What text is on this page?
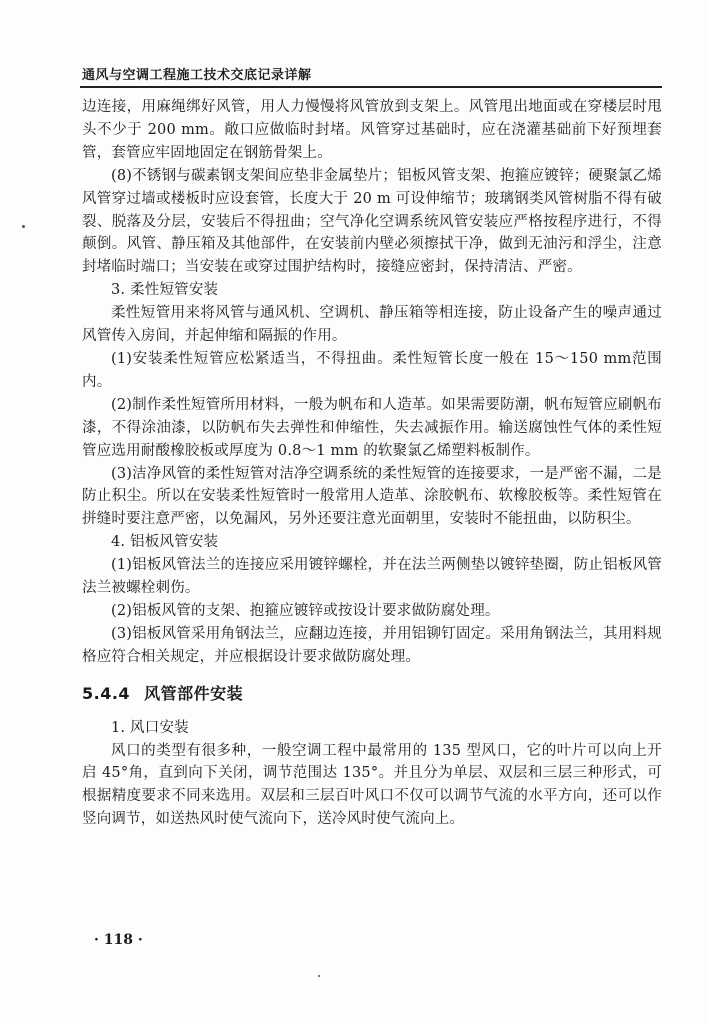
通风与空调工程施工技术交底记录详解

边连接，用麻绳绑好风管，用人力慢慢将风管放到支架上。风管甩出地面或在穿楼层时甩头不少于 200 mm。敞口应做临时封堵。风管穿过基础时，应在浇灌基础前下好预埋套管，套管应牢固地固定在钢筋骨架上。

(8)不锈钢与碳素钢支架间应垫非金属垫片；铝板风管支架、抱箍应镀锌；硬聚氯乙烯风管穿过墙或楼板时应设套管，长度大于 20 m 可设伸缩节；玻璃钢类风管树脂不得有破裂、脱落及分层，安装后不得扭曲；空气净化空调系统风管安装应严格按程序进行，不得颠倒。风管、静压箱及其他部件，在安装前内壁必须擦拭干净，做到无油污和浮尘，注意封堵临时端口；当安装在或穿过围护结构时，接缝应密封，保持清洁、严密。

3. 柔性短管安装

柔性短管用来将风管与通风机、空调机、静压箱等相连接，防止设备产生的噪声通过风管传入房间，并起伸缩和隔振的作用。

(1)安装柔性短管应松紧适当，不得扭曲。柔性短管长度一般在 15～150 mm范围内。

(2)制作柔性短管所用材料，一般为帆布和人造革。如果需要防潮，帆布短管应刷帆布漆，不得涂油漆，以防帆布失去弹性和伸缩性，失去减振作用。输送腐蚀性气体的柔性短管应选用耐酸橡胶板或厚度为 0.8～1 mm 的软聚氯乙烯塑料板制作。

(3)洁净风管的柔性短管对洁净空调系统的柔性短管的连接要求，一是严密不漏，二是防止积尘。所以在安装柔性短管时一般常用人造革、涂胶帆布、软橡胶板等。柔性短管在拼缝时要注意严密，以免漏风，另外还要注意光面朝里，安装时不能扭曲，以防积尘。

4. 铝板风管安装

(1)铝板风管法兰的连接应采用镀锌螺栓，并在法兰两侧垫以镀锌垫圈，防止铝板风管法兰被螺栓刺伤。

(2)铝板风管的支架、抱箍应镀锌或按设计要求做防腐处理。

(3)铝板风管采用角钢法兰，应翻边连接，并用铝铆钉固定。采用角钢法兰，其用料规格应符合相关规定，并应根据设计要求做防腐处理。

5.4.4 风管部件安装

1. 风口安装

风口的类型有很多种，一般空调工程中最常用的 135 型风口，它的叶片可以向上开启 45°角，直到向下关闭，调节范围达 135°。并且分为单层、双层和三层三种形式，可根据精度要求不同来选用。双层和三层百叶风口不仅可以调节气流的水平方向，还可以作竖向调节，如送热风时使气流向下，送冷风时使气流向上。

· 118 ·
